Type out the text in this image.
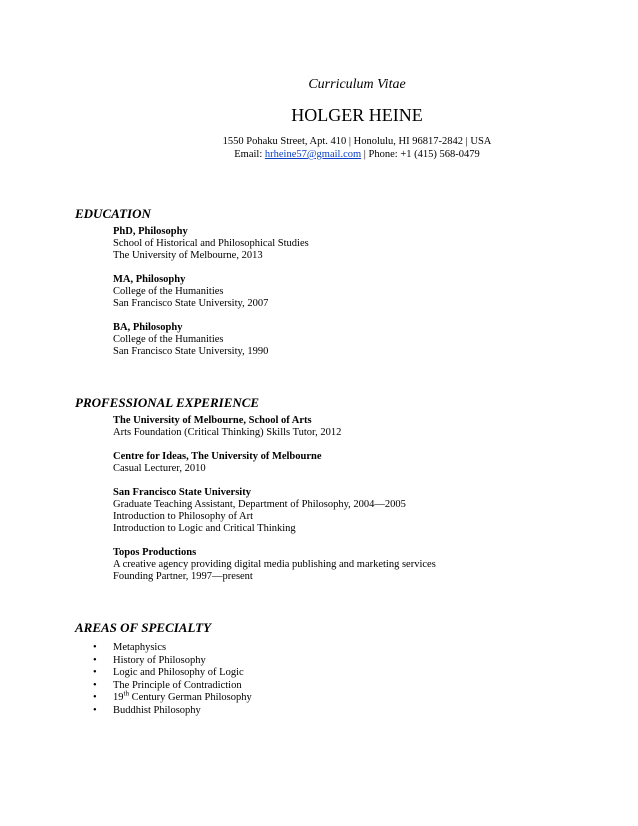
Curriculum Vitae
HOLGER HEINE
1550 Pohaku Street, Apt. 410 | Honolulu, HI 96817-2842 | USA
Email: hrheine57@gmail.com | Phone: +1 (415) 568-0479
EDUCATION
PhD, Philosophy
School of Historical and Philosophical Studies
The University of Melbourne, 2013
MA, Philosophy
College of the Humanities
San Francisco State University, 2007
BA, Philosophy
College of the Humanities
San Francisco State University, 1990
PROFESSIONAL EXPERIENCE
The University of Melbourne, School of Arts
Arts Foundation (Critical Thinking) Skills Tutor, 2012
Centre for Ideas, The University of Melbourne
Casual Lecturer, 2010
San Francisco State University
Graduate Teaching Assistant, Department of Philosophy, 2004—2005
Introduction to Philosophy of Art
Introduction to Logic and Critical Thinking
Topos Productions
A creative agency providing digital media publishing and marketing services
Founding Partner, 1997—present
AREAS OF SPECIALTY
• Metaphysics
• History of Philosophy
• Logic and Philosophy of Logic
• The Principle of Contradiction
• 19th Century German Philosophy
• Buddhist Philosophy
